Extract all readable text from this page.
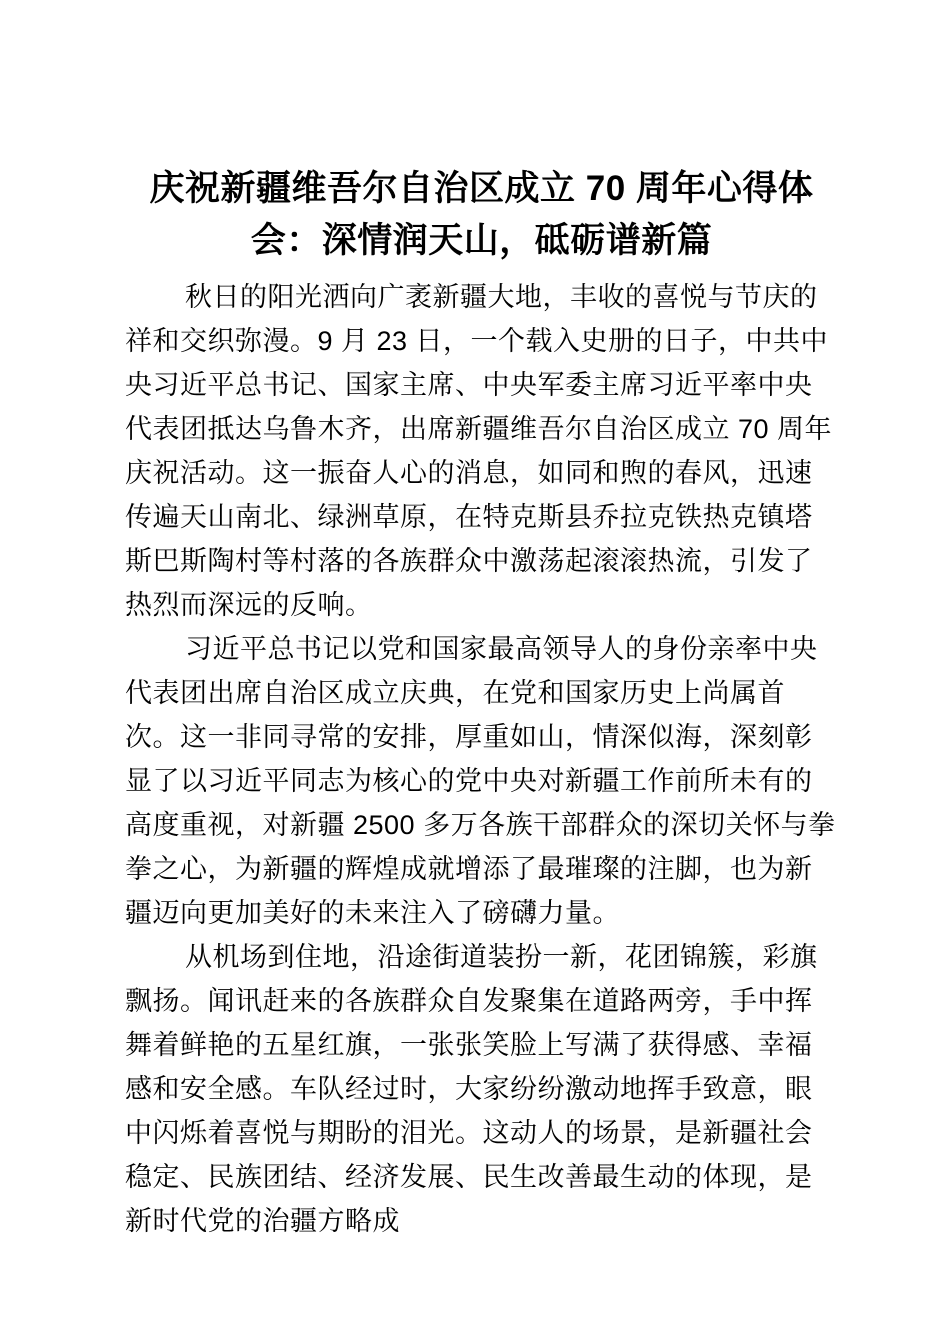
庆祝新疆维吾尔自治区成立 70 周年心得体会：深情润天山，砥砺谱新篇

秋日的阳光洒向广袤新疆大地，丰收的喜悦与节庆的祥和交织弥漫。9 月 23 日，一个载入史册的日子，中共中央习近平总书记、国家主席、中央军委主席习近平率中央代表团抵达乌鲁木齐，出席新疆维吾尔自治区成立 70 周年庆祝活动。这一振奋人心的消息，如同和煦的春风，迅速传遍天山南北、绿洲草原，在特克斯县乔拉克铁热克镇塔斯巴斯陶村等村落的各族群众中激荡起滚滚热流，引发了热烈而深远的反响。

习近平总书记以党和国家最高领导人的身份亲率中央代表团出席自治区成立庆典，在党和国家历史上尚属首次。这一非同寻常的安排，厚重如山，情深似海，深刻彰显了以习近平同志为核心的党中央对新疆工作前所未有的高度重视，对新疆 2500 多万各族干部群众的深切关怀与拳拳之心，为新疆的辉煌成就增添了最璀璨的注脚，也为新疆迈向更加美好的未来注入了磅礴力量。

从机场到住地，沿途街道装扮一新，花团锦簇，彩旗飘扬。闻讯赶来的各族群众自发聚集在道路两旁，手中挥舞着鲜艳的五星红旗，一张张笑脸上写满了获得感、幸福感和安全感。车队经过时，大家纷纷激动地挥手致意，眼中闪烁着喜悦与期盼的泪光。这动人的场景，是新疆社会稳定、民族团结、经济发展、民生改善最生动的体现，是新时代党的治疆方略成
